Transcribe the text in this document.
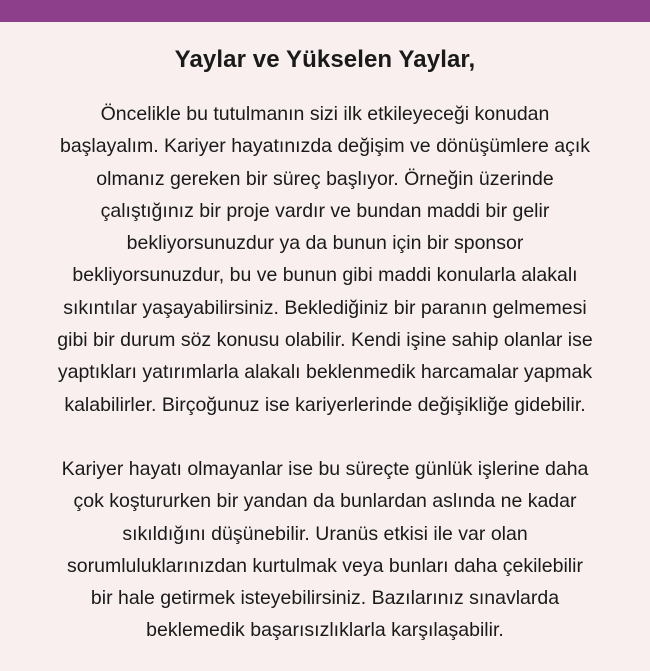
Yaylar ve Yükselen Yaylar,

Öncelikle bu tutulmanın sizi ilk etkileyeceği konudan
başlayalım. Kariyer hayatınızda değişim ve dönüşümlere açık
olmanız gereken bir süreç başlıyor. Örneğin üzerinde
çalıştığınız bir proje vardır ve bundan maddi bir gelir
bekliyorsunuzdur ya da bunun için bir sponsor
bekliyorsunuzdur, bu ve bunun gibi maddi konularla alakalı
sıkıntılar yaşayabilirsiniz. Beklediğiniz bir paranın gelmemesi
gibi bir durum söz konusu olabilir. Kendi işine sahip olanlar ise
yaptıkları yatırımlarla alakalı beklenmedik harcamalar yapmak
kalabilirler. Birçoğunuz ise kariyerlerinde değişikliğe gidebilir.

Kariyer hayatı olmayanlar ise bu süreçte günlük işlerine daha
çok koştururken bir yandan da bunlardan aslında ne kadar
sıkıldığını düşünebilir. Uranüs etkisi ile var olan
sorumluluklarınızdan kurtulmak veya bunları daha çekilebilir
bir hale getirmek isteyebilirsiniz. Bazılarınız sınavlarda
beklemedik başarısızlıklarla karşılaşabilir.
